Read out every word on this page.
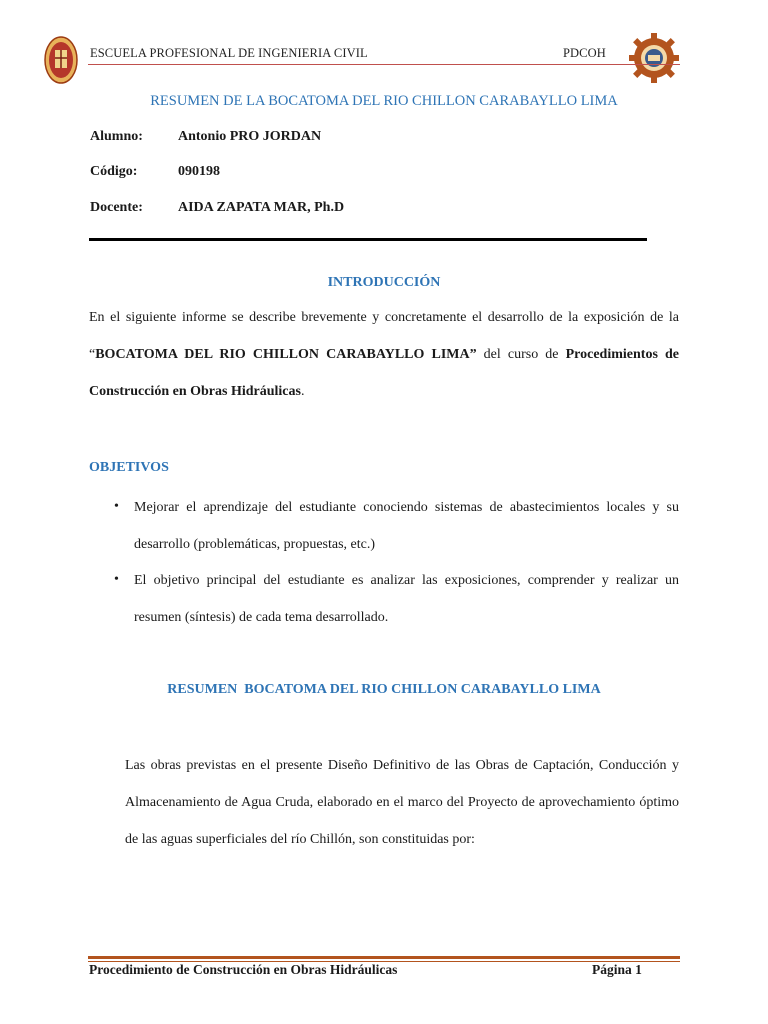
ESCUELA PROFESIONAL DE INGENIERIA CIVIL	PDCOH
RESUMEN DE LA BOCATOMA DEL RIO CHILLON CARABAYLLO LIMA
Alumno:	Antonio PRO JORDAN
Código:	090198
Docente:	AIDA ZAPATA MAR, Ph.D
INTRODUCCIÓN
En el siguiente informe se describe brevemente y concretamente el desarrollo de la exposición de la “BOCATOMA DEL RIO CHILLON CARABAYLLO LIMA” del curso de Procedimientos de Construcción en Obras Hidráulicas.
OBJETIVOS
• Mejorar el aprendizaje del estudiante conociendo sistemas de abastecimientos locales y su desarrollo (problemáticas, propuestas, etc.)
• El objetivo principal del estudiante es analizar las exposiciones, comprender y realizar un resumen (síntesis) de cada tema desarrollado.
RESUMEN  BOCATOMA DEL RIO CHILLON CARABAYLLO LIMA
Las obras previstas en el presente Diseño Definitivo de las Obras de Captación, Conducción y Almacenamiento de Agua Cruda, elaborado en el marco del Proyecto de aprovechamiento óptimo de las aguas superficiales del río Chillón, son constituidas por:
Procedimiento de Construcción en Obras Hidráulicas	Página 1
